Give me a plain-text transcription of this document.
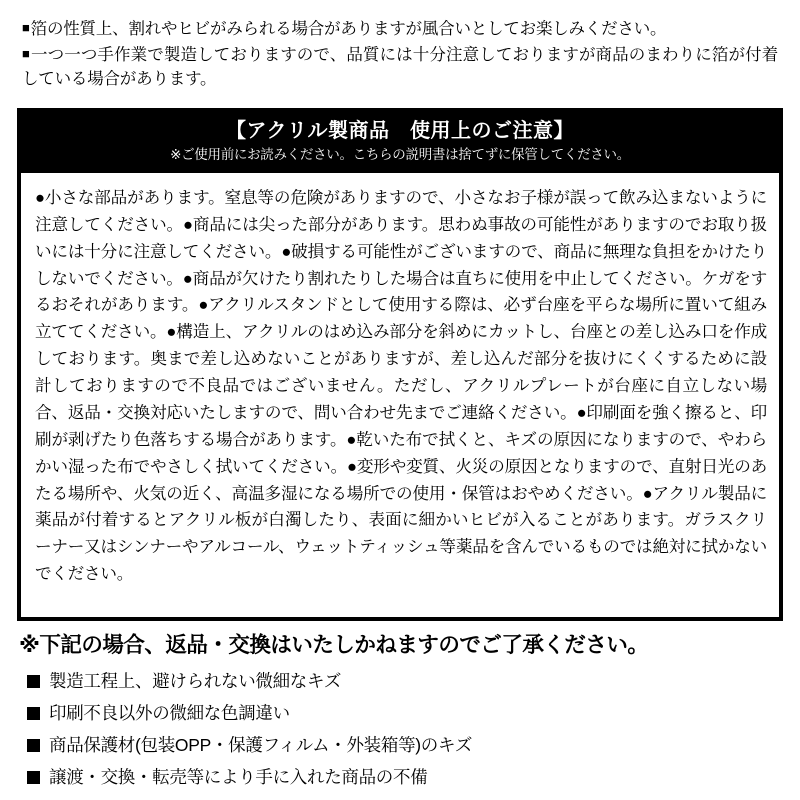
■箔の性質上、割れやヒビがみられる場合がありますが風合いとしてお楽しみください。

■一つ一つ手作業で製造しておりますので、品質には十分注意しておりますが商品のまわりに箔が付着している場合があります。

【アクリル製商品　使用上のご注意】
※ご使用前にお読みください。こちらの説明書は捨てずに保管してください。

●小さな部品があります。窒息等の危険がありますので、小さなお子様が誤って飲み込まないように注意してください。●商品には尖った部分があります。思わぬ事故の可能性がありますのでお取り扱いには十分に注意してください。●破損する可能性がございますので、商品に無理な負担をかけたりしないでください。●商品が欠けたり割れたりした場合は直ちに使用を中止してください。ケガをするおそれがあります。●アクリルスタンドとして使用する際は、必ず台座を平らな場所に置いて組み立ててください。●構造上、アクリルのはめ込み部分を斜めにカットし、台座との差し込み口を作成しております。奥まで差し込めないことがありますが、差し込んだ部分を抜けにくくするために設計しておりますので不良品ではございません。ただし、アクリルプレートが台座に自立しない場合、返品・交換対応いたしますので、問い合わせ先までご連絡ください。●印刷面を強く擦ると、印刷が剥げたり色落ちする場合があります。●乾いた布で拭くと、キズの原因になりますので、やわらかい湿った布でやさしく拭いてください。●変形や変質、火災の原因となりますので、直射日光のあたる場所や、火気の近く、高温多湿になる場所での使用・保管はおやめください。●アクリル製品に薬品が付着するとアクリル板が白濁したり、表面に細かいヒビが入ることがあります。ガラスクリーナー又はシンナーやアルコール、ウェットティッシュ等薬品を含んでいるものでは絶対に拭かないでください。

※下記の場合、返品・交換はいたしかねますのでご了承ください。
製造工程上、避けられない微細なキズ
印刷不良以外の微細な色調違い
商品保護材(包装OPP・保護フィルム・外装箱等)のキズ
譲渡・交換・転売等により手に入れた商品の不備
